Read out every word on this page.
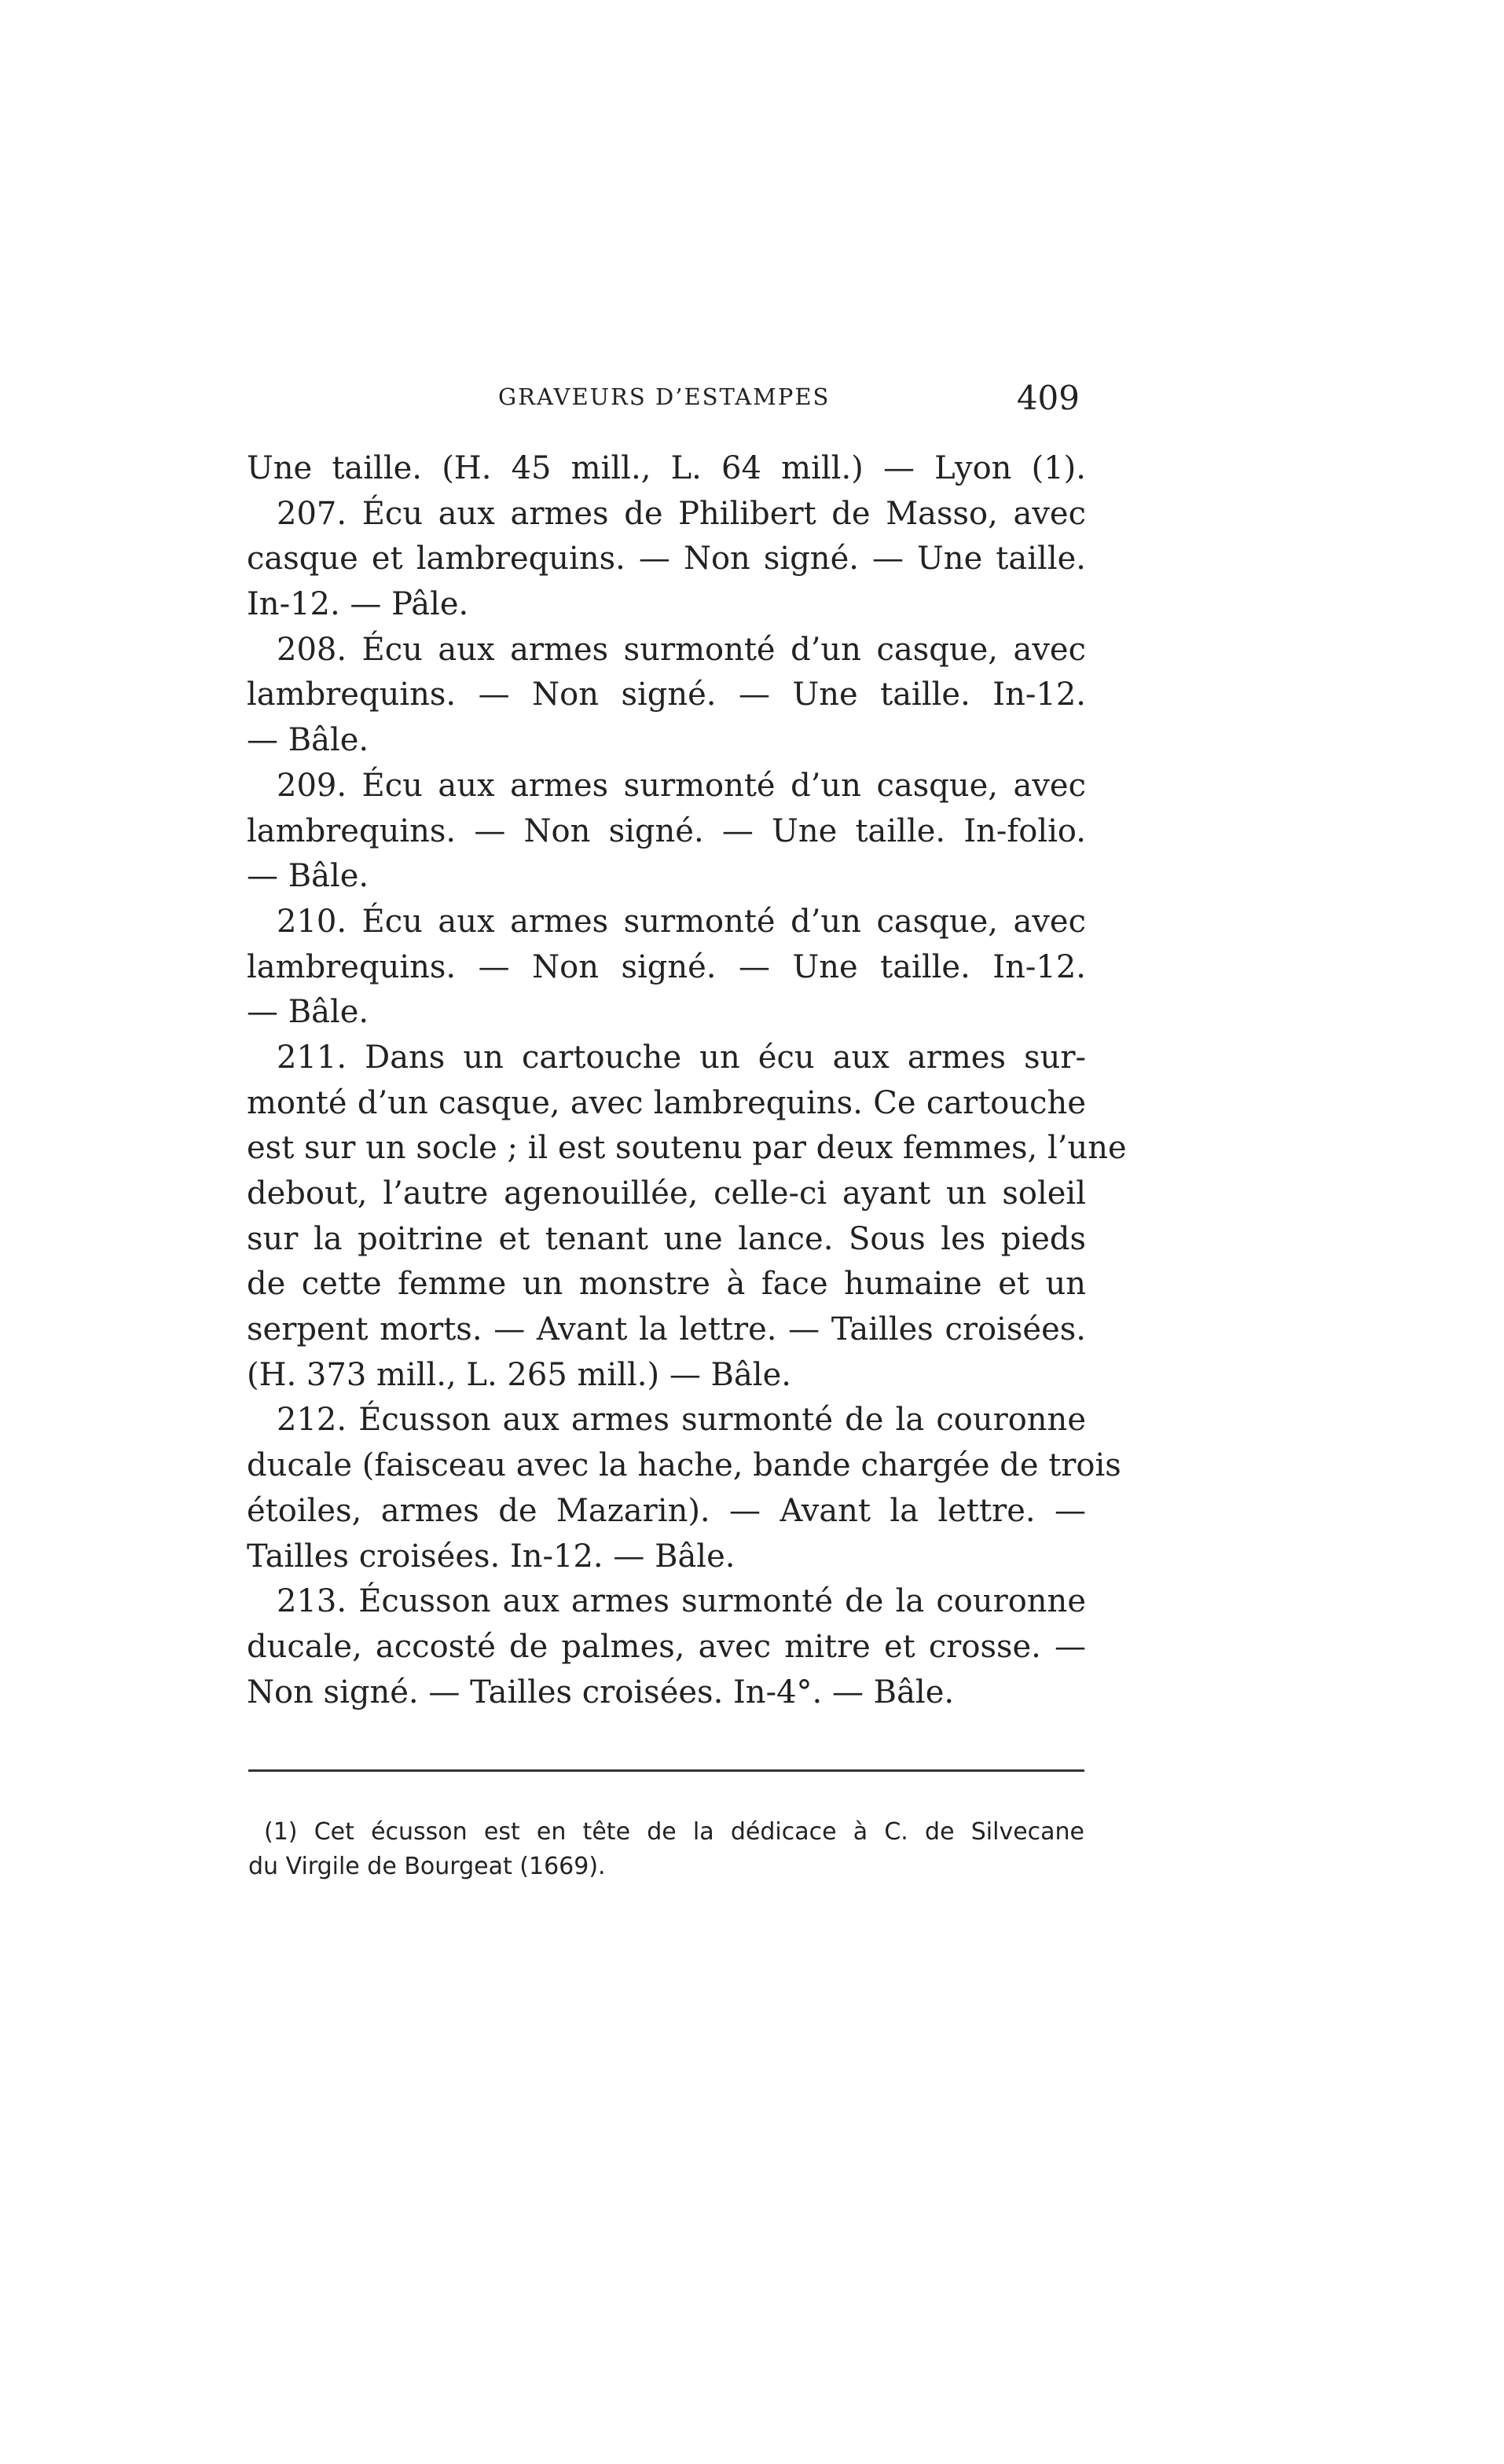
GRAVEURS D’ESTAMPES	409
Une taille. (H. 45 mill., L. 64 mill.) — Lyon (1).
207. Écu aux armes de Philibert de Masso, avec
casque et lambrequins. — Non signé. — Une taille.
In-12. — Pâle.
208. Écu aux armes surmonté d’un casque, avec
lambrequins. — Non signé. — Une taille. In-12.
— Bâle.
209. Écu aux armes surmonté d’un casque, avec
lambrequins. — Non signé. — Une taille. In-folio.
— Bâle.
210. Écu aux armes surmonté d’un casque, avec
lambrequins. — Non signé. — Une taille. In-12.
— Bâle.
211. Dans un cartouche un écu aux armes sur-
monté d’un casque, avec lambrequins. Ce cartouche
est sur un socle ; il est soutenu par deux femmes, l’une
debout, l’autre agenouillée, celle-ci ayant un soleil
sur la poitrine et tenant une lance. Sous les pieds
de cette femme un monstre à face humaine et un
serpent morts. — Avant la lettre. — Tailles croisées.
(H. 373 mill., L. 265 mill.) — Bâle.
212. Écusson aux armes surmonté de la couronne
ducale (faisceau avec la hache, bande chargée de trois
étoiles, armes de Mazarin). — Avant la lettre. —
Tailles croisées. In-12. — Bâle.
213. Écusson aux armes surmonté de la couronne
ducale, accosté de palmes, avec mitre et crosse. —
Non signé. — Tailles croisées. In-4°. — Bâle.
(1) Cet écusson est en tête de la dédicace à C. de Silvecane
du Virgile de Bourgeat (1669).
